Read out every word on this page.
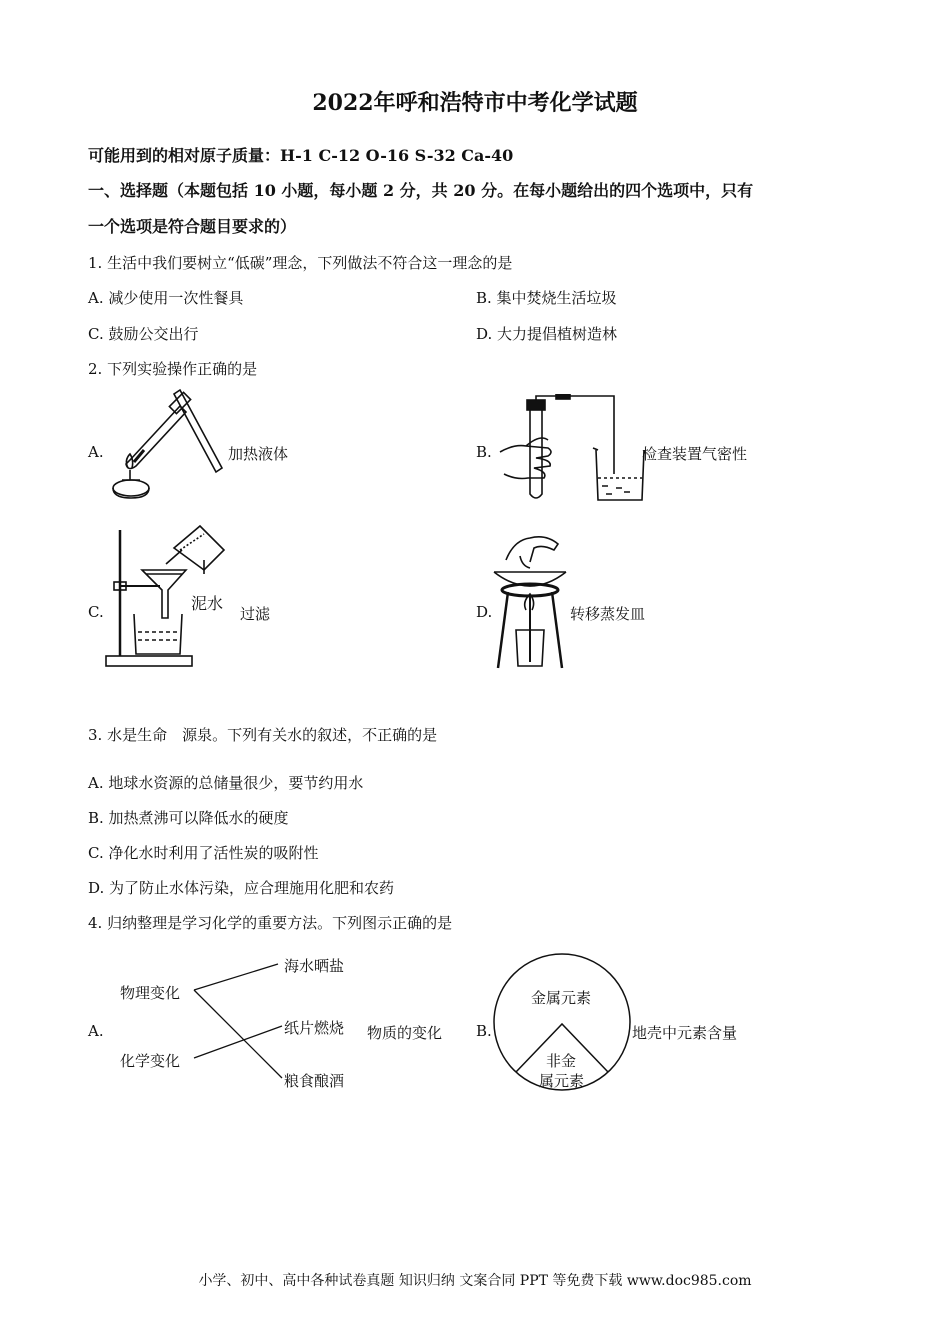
2022年呼和浩特市中考化学试题
可能用到的相对原子质量：H-1 C-12 O-16 S-32 Ca-40
一、选择题（本题包括 10 小题，每小题 2 分，共 20 分。在每小题给出的四个选项中，只有
一个选项是符合题目要求的）
1. 生活中我们要树立“低碳”理念，下列做法不符合这一理念的是
A. 减少使用一次性餐具	B. 集中焚烧生活垃圾
C. 鼓励公交出行	D. 大力提倡植树造林
2. 下列实验操作正确的是
A.	加热液体	B.	检查装置气密性
C.	泥水
过滤	D.	转移蒸发皿
3. 水是生命　源泉。下列有关水的叙述，不正确的是
A. 地球水资源的总储量很少，要节约用水
B. 加热煮沸可以降低水的硬度
C. 净化水时利用了活性炭的吸附性
D. 为了防止水体污染，应合理施用化肥和农药
4. 归纳整理是学习化学的重要方法。下列图示正确的是
A.
物理变化
化学变化
海水晒盐
纸片燃烧
粮食酿酒
物质的变化 B.
金属元素
非金
属元素
地壳中元素含量
小学、初中、高中各种试卷真题 知识归纳 文案合同 PPT 等免费下载 www.doc985.com
